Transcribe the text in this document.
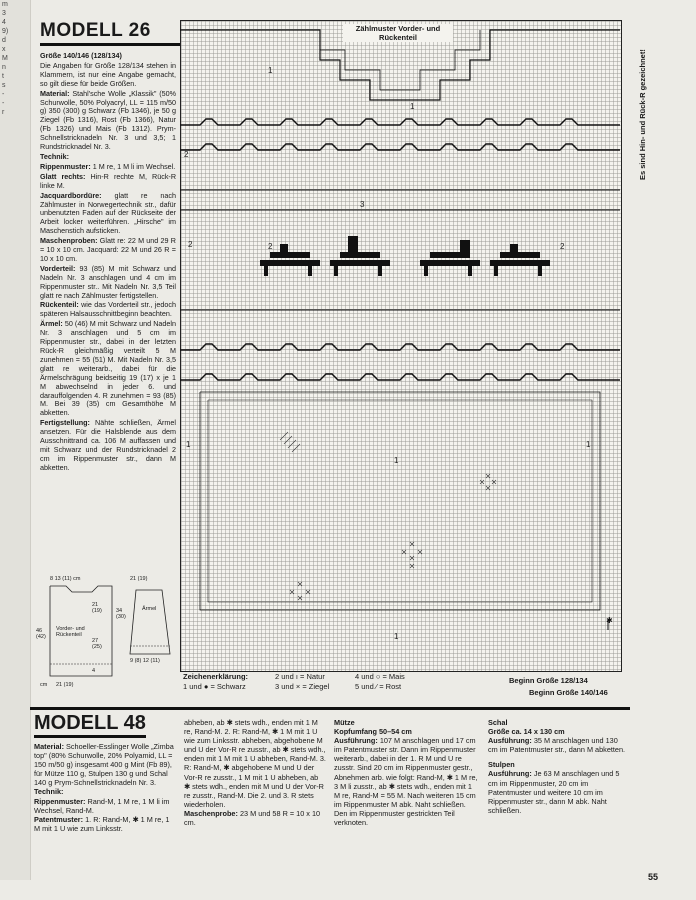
m
3
4
9)
d
x
M
n
t
s
-
-
r
MODELL 26

Größe 140/146 (128/134)

Die Angaben für Größe 128/134 stehen in Klammern, ist nur eine Angabe gemacht, so gilt diese für beide Größen.

Material: Stahl'sche Wolle „Klassik" (50% Schurwolle, 50% Polyacryl, LL = 115 m/50 g) 350 (300) g Schwarz (Fb 1346), je 50 g Ziegel (Fb 1316), Rost (Fb 1366), Natur (Fb 1326) und Mais (Fb 1312). Prym-Schnellstricknadeln Nr. 3 und 3,5; 1 Rundstricknadel Nr. 3.

Technik:

Rippenmuster: 1 M re, 1 M li im Wechsel.

Glatt rechts: Hin-R rechte M, Rück-R linke M.

Jacquardbordüre: glatt re nach Zählmuster in Norwegertechnik str., dafür unbenutzten Faden auf der Rückseite der Arbeit locker weiterführen. „Hirsche" im Maschenstich aufsticken.

Maschenproben: Glatt re: 22 M und 29 R = 10 x 10 cm. Jacquard: 22 M und 26 R = 10 x 10 cm.

Vorderteil: 93 (85) M mit Schwarz und Nadeln Nr. 3 anschlagen und 4 cm im Rippenmuster str.. Mit Nadeln Nr. 3,5 Teil glatt re nach Zählmuster fertigstellen.

Rückenteil: wie das Vorderteil str., jedoch späteren Halsausschnittbeginn beachten.

Ärmel: 50 (46) M mit Schwarz und Nadeln Nr. 3 anschlagen und 5 cm im Rippenmuster str., dabei in der letzten Rück-R gleichmäßig verteilt 5 M zunehmen = 55 (51) M. Mit Nadeln Nr. 3,5 glatt re weiterarb., dabei für die Ärmelschrägung beidseitig 19 (17) x je 1 M abwechselnd in jeder 6. und darauffolgenden 4. R zunehmen = 93 (85) M. Bei 39 (35) cm Gesamthöhe M abketten.

Fertigstellung: Nähte schließen, Ärmel ansetzen. Für die Halsblende aus dem Ausschnittrand ca. 106 M auffassen und mit Schwarz und der Rundstricknadel 2 cm im Rippenmuster str., dann M abketten.

8 13 (11) cm	21 (19)
21 (19)	34 (30)
46 (42)
Vorder- und Rückenteil
Ärmel
27 (25)
9 (8) 12 (11)
4
21 (19)
cm
✱
Zählmuster Vorder- und Rückenteil
1
1
2
3
2	2	2
1
1
1	1
Es sind Hin- und Rück-R gezeichnet!
Zeichenerklärung:
1 und ● = Schwarz
2 und ı = Natur
3 und × = Ziegel
4 und ○ = Mais
5 und ⁄ = Rost
Beginn Größe 128/134
Beginn Größe 140/146
MODELL 48

Material: Schoeller-Esslinger Wolle „Zimba top" (80% Schurwolle, 20% Polyamid, LL = 150 m/50 g) insgesamt 400 g Mint (Fb 89), für Mütze 110 g, Stulpen 130 g und Schal 140 g Prym-Schnellstricknadeln Nr. 3.

Technik:

Rippenmuster: Rand-M, 1 M re, 1 M li im Wechsel, Rand-M.

Patentmuster: 1. R: Rand-M, ✱ 1 M re, 1 M mit 1 U wie zum Linksstr.

abheben, ab ✱ stets wdh., enden mit 1 M re, Rand-M. 2. R: Rand-M, ✱ 1 M mit 1 U wie zum Linksstr. abheben, abgehobene M und U der Vor-R re zusstr., ab ✱ stets wdh., enden mit 1 M mit 1 U abheben, Rand-M. 3. R: Rand-M, ✱ abgehobene M und U der Vor-R re zusstr., 1 M mit 1 U abheben, ab ✱ stets wdh., enden mit M und U der Vor-R re zusstr., Rand-M. Die 2. und 3. R stets wiederholen.

Maschenprobe: 23 M und 58 R = 10 x 10 cm.

Mütze

Kopfumfang 50–54 cm

Ausführung: 107 M anschlagen und 17 cm im Patentmuster str. Dann im Rippenmuster weiterarb., dabei in der 1. R M und U re zusstr. Sind 20 cm im Rippenmuster gestr., Abnehmen arb. wie folgt: Rand-M, ✱ 1 M re, 3 M li zusstr., ab ✱ stets wdh., enden mit 1 M re, Rand-M = 55 M. Nach weiteren 15 cm im Rippenmuster M abk. Naht schließen. Den im Rippenmuster gestrickten Teil verknoten.

Schal

Größe ca. 14 x 130 cm

Ausführung: 35 M anschlagen und 130 cm im Patentmuster str., dann M abketten.

Stulpen

Ausführung: Je 63 M anschlagen und 5 cm im Rippenmuster, 20 cm im Patentmuster und weitere 10 cm im Rippenmuster str., dann M abk. Naht schließen.

55
